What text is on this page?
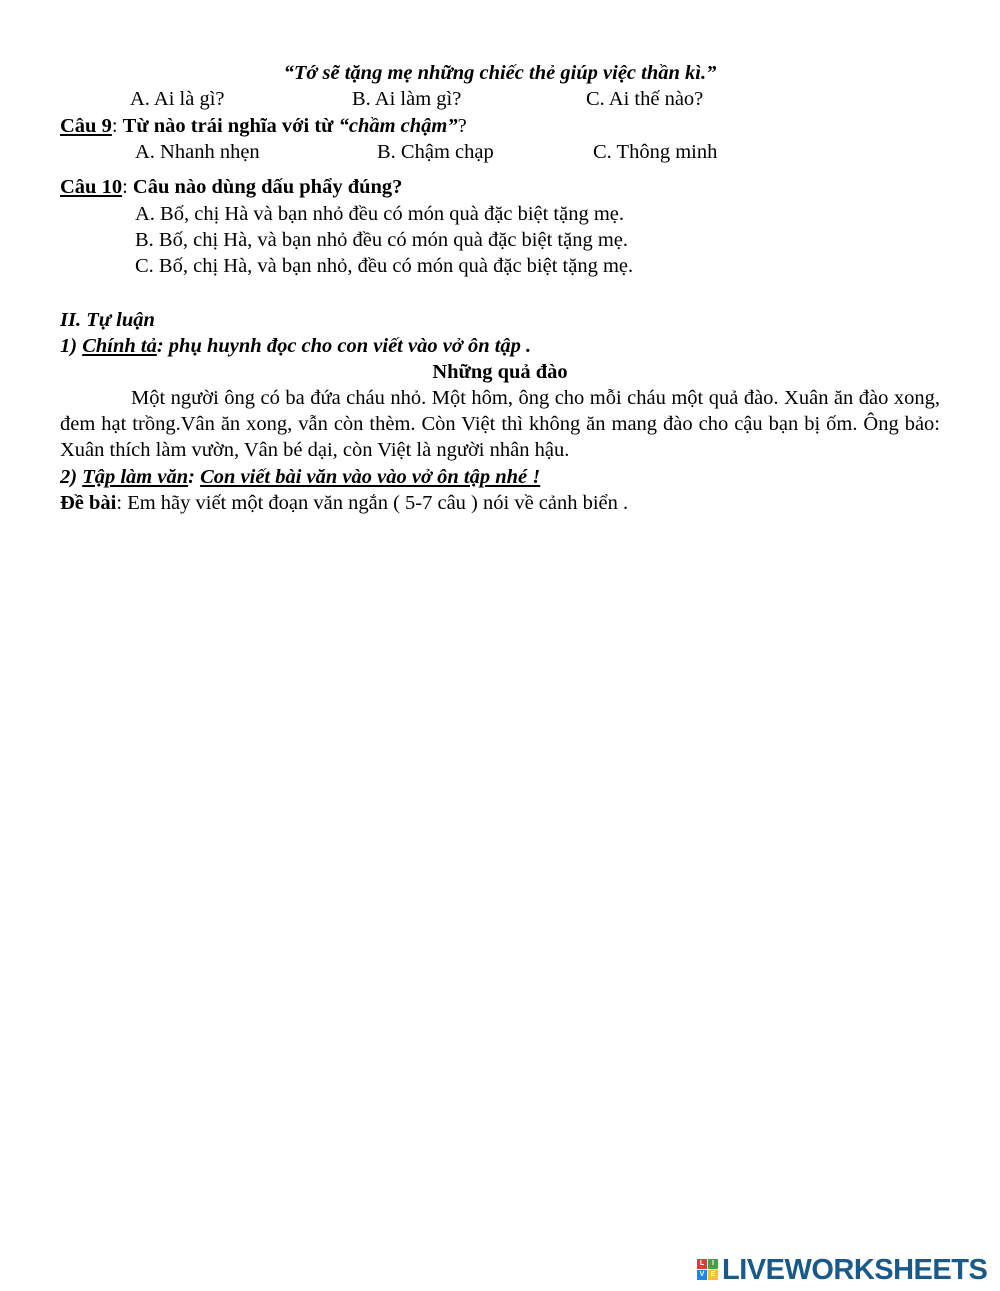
“Tớ sẽ tặng mẹ những chiếc thẻ giúp việc thần kì.”
A. Ai là gì?	B. Ai làm gì?	C. Ai thế nào?
Câu 9: Từ nào trái nghĩa với từ “chầm chậm”?
A. Nhanh nhẹn	B. Chậm chạp	C. Thông minh
Câu 10: Câu nào dùng dấu phẩy đúng?
A. Bố, chị Hà và bạn nhỏ đều có món quà đặc biệt tặng mẹ.
B. Bố, chị Hà, và bạn nhỏ đều có món quà đặc biệt tặng mẹ.
C. Bố, chị Hà, và bạn nhỏ, đều có món quà đặc biệt tặng mẹ.
II. Tự luận
1) Chính tả: phụ huynh đọc cho con viết vào vở ôn tập .
Những quả đào
Một người ông có ba đứa cháu nhỏ. Một hôm, ông cho mỗi cháu một quả đào. Xuân ăn đào xong, đem hạt trồng.Vân ăn xong, vẫn còn thèm. Còn Việt thì không ăn mang đào cho cậu bạn bị ốm. Ông bảo: Xuân thích làm vườn, Vân bé dại, còn Việt là người nhân hậu.
2) Tập làm văn: Con viết bài văn vào vào vở ôn tập nhé !
Đề bài: Em hãy viết một đoạn văn ngắn ( 5-7 câu ) nói về cảnh biển .
L	I
V E LIVEWORKSHEETS
